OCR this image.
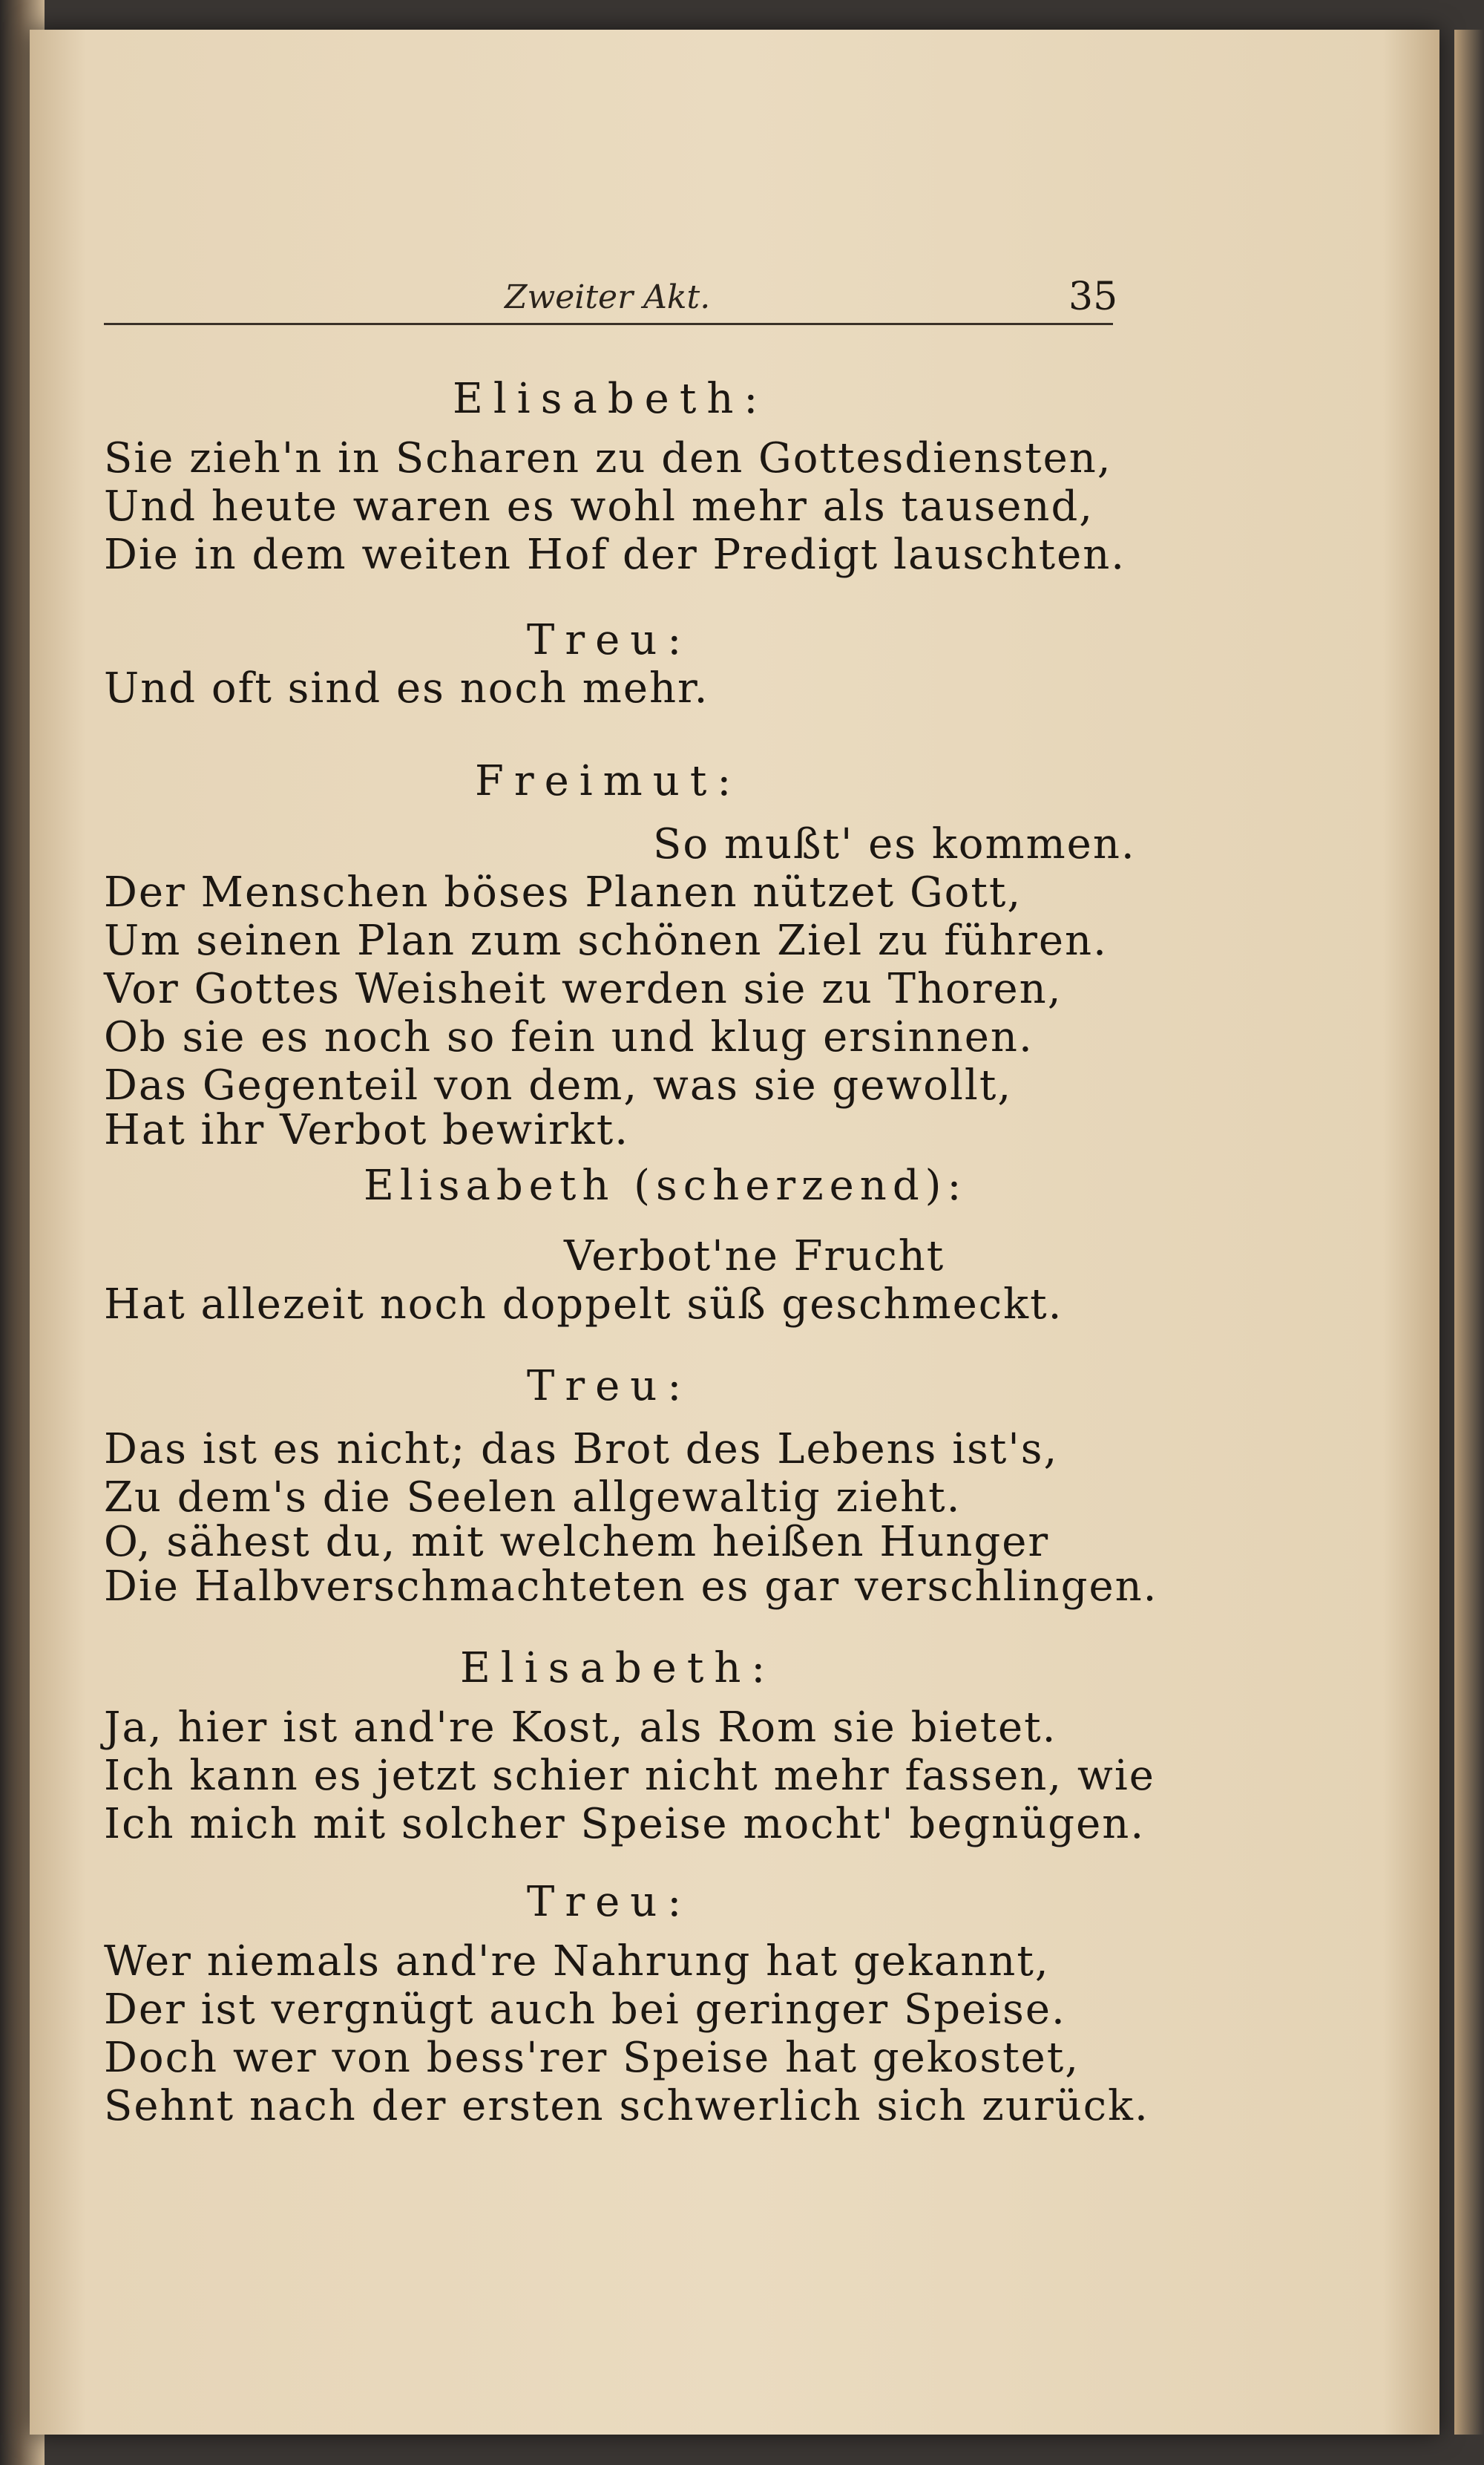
Zweiter Akt.	35
Elisabeth:
Sie zieh'n in Scharen zu den Gottesdiensten,
Und heute waren es wohl mehr als tausend,
Die in dem weiten Hof der Predigt lauschten.
Treu:
Und oft sind es noch mehr.
Freimut:
So mußt' es kommen.
Der Menschen böses Planen nützet Gott,
Um seinen Plan zum schönen Ziel zu führen.
Vor Gottes Weisheit werden sie zu Thoren,
Ob sie es noch so fein und klug ersinnen.
Das Gegenteil von dem, was sie gewollt,
Hat ihr Verbot bewirkt.
Elisabeth (scherzend):
Verbot'ne Frucht
Hat allezeit noch doppelt süß geschmeckt.
Treu:
Das ist es nicht; das Brot des Lebens ist's,
Zu dem's die Seelen allgewaltig zieht.
O, sähest du, mit welchem heißen Hunger
Die Halbverschmachteten es gar verschlingen.
Elisabeth:
Ja, hier ist and're Kost, als Rom sie bietet.
Ich kann es jetzt schier nicht mehr fassen, wie
Ich mich mit solcher Speise mocht' begnügen.
Treu:
Wer niemals and're Nahrung hat gekannt,
Der ist vergnügt auch bei geringer Speise.
Doch wer von bess'rer Speise hat gekostet,
Sehnt nach der ersten schwerlich sich zurück.
